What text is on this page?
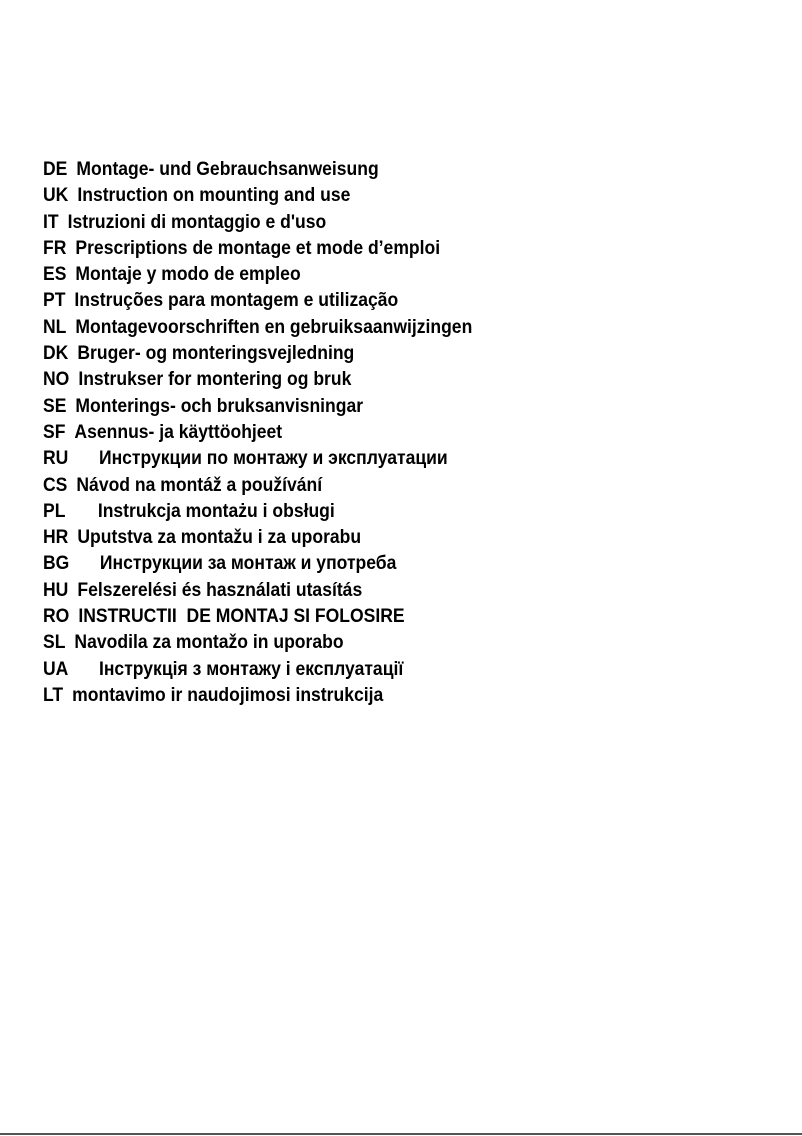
DE Montage- und Gebrauchsanweisung
UK Instruction on mounting and use
IT Istruzioni di montaggio e d'uso
FR Prescriptions de montage et mode d’emploi
ES Montaje y modo de empleo
PT Instruções para montagem e utilização
NL Montagevoorschriften en gebruiksaanwijzingen
DK Bruger- og monteringsvejledning
NO Instrukser for montering og bruk
SE Monterings- och bruksanvisningar
SF Asennus- ja käyttöohjeet
RU Инструкции по монтажу и эксплуатации
CS Návod na montáž a používání
PL Instrukcja montażu i obsługi
HR Uputstva za montažu i za uporabu
BG Инструкции за монтаж и употреба
HU Felszerelési és használati utasítás
RO INSTRUCTII  DE MONTAJ SI FOLOSIRE
SL Navodila za montažo in uporabo
UA Інструкція з монтажу і експлуатації
LT montavimo ir naudojimosi instrukcija
